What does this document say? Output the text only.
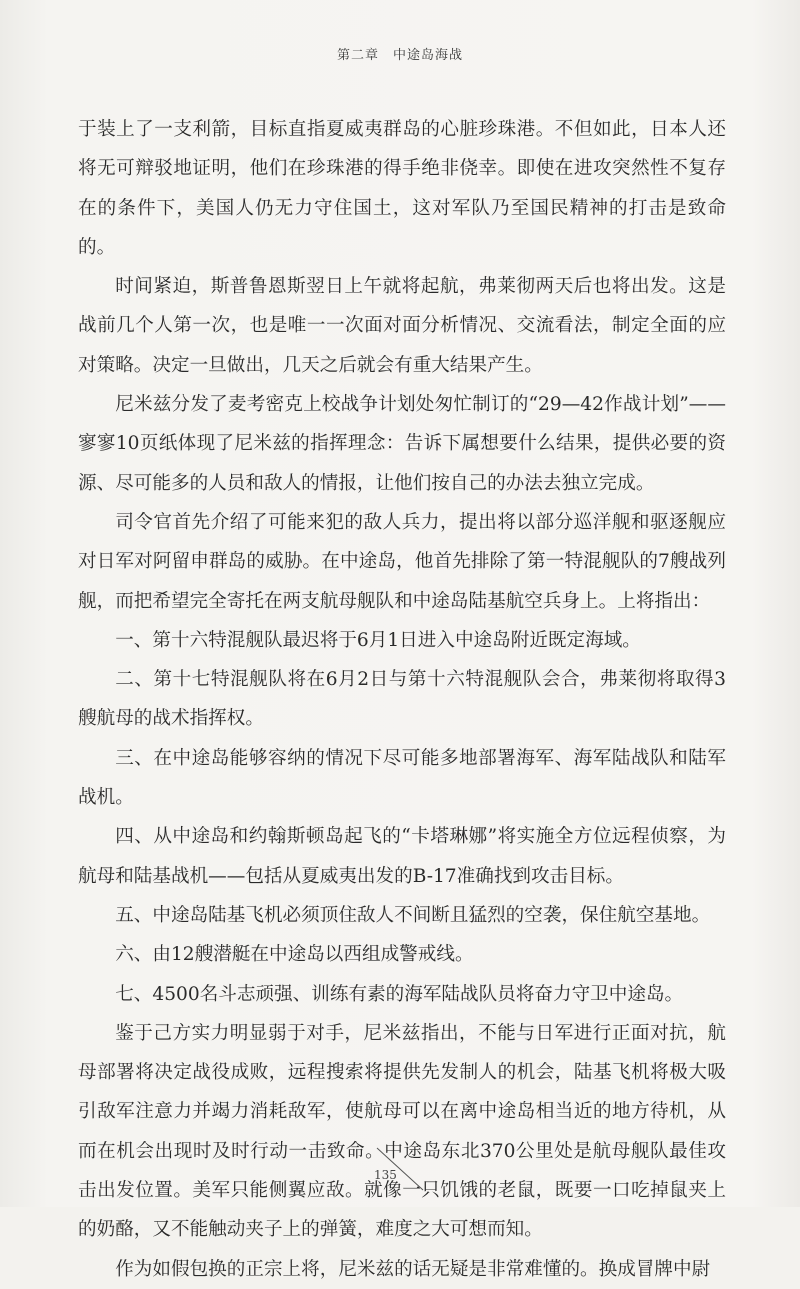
第二章 中途岛海战

于装上了一支利箭，目标直指夏威夷群岛的心脏珍珠港。不但如此，日本人还将无可辩驳地证明，他们在珍珠港的得手绝非侥幸。即使在进攻突然性不复存在的条件下，美国人仍无力守住国土，这对军队乃至国民精神的打击是致命的。

时间紧迫，斯普鲁恩斯翌日上午就将起航，弗莱彻两天后也将出发。这是战前几个人第一次，也是唯一一次面对面分析情况、交流看法，制定全面的应对策略。决定一旦做出，几天之后就会有重大结果产生。

尼米兹分发了麦考密克上校战争计划处匆忙制订的“29—42作战计划”——寥寥10页纸体现了尼米兹的指挥理念：告诉下属想要什么结果，提供必要的资源、尽可能多的人员和敌人的情报，让他们按自己的办法去独立完成。

司令官首先介绍了可能来犯的敌人兵力，提出将以部分巡洋舰和驱逐舰应对日军对阿留申群岛的威胁。在中途岛，他首先排除了第一特混舰队的7艘战列舰，而把希望完全寄托在两支航母舰队和中途岛陆基航空兵身上。上将指出：

一、第十六特混舰队最迟将于6月1日进入中途岛附近既定海域。

二、第十七特混舰队将在6月2日与第十六特混舰队会合，弗莱彻将取得3艘航母的战术指挥权。

三、在中途岛能够容纳的情况下尽可能多地部署海军、海军陆战队和陆军战机。

四、从中途岛和约翰斯顿岛起飞的“卡塔琳娜”将实施全方位远程侦察，为航母和陆基战机——包括从夏威夷出发的B-17准确找到攻击目标。

五、中途岛陆基飞机必须顶住敌人不间断且猛烈的空袭，保住航空基地。

六、由12艘潜艇在中途岛以西组成警戒线。

七、4500名斗志顽强、训练有素的海军陆战队员将奋力守卫中途岛。

鉴于己方实力明显弱于对手，尼米兹指出，不能与日军进行正面对抗，航母部署将决定战役成败，远程搜索将提供先发制人的机会，陆基飞机将极大吸引敌军注意力并竭力消耗敌军，使航母可以在离中途岛相当近的地方待机，从而在机会出现时及时行动一击致命。中途岛东北370公里处是航母舰队最佳攻击出发位置。美军只能侧翼应敌。就像一只饥饿的老鼠，既要一口吃掉鼠夹上的奶酪，又不能触动夹子上的弹簧，难度之大可想而知。

作为如假包换的正宗上将，尼米兹的话无疑是非常难懂的。换成冒牌中尉

135
